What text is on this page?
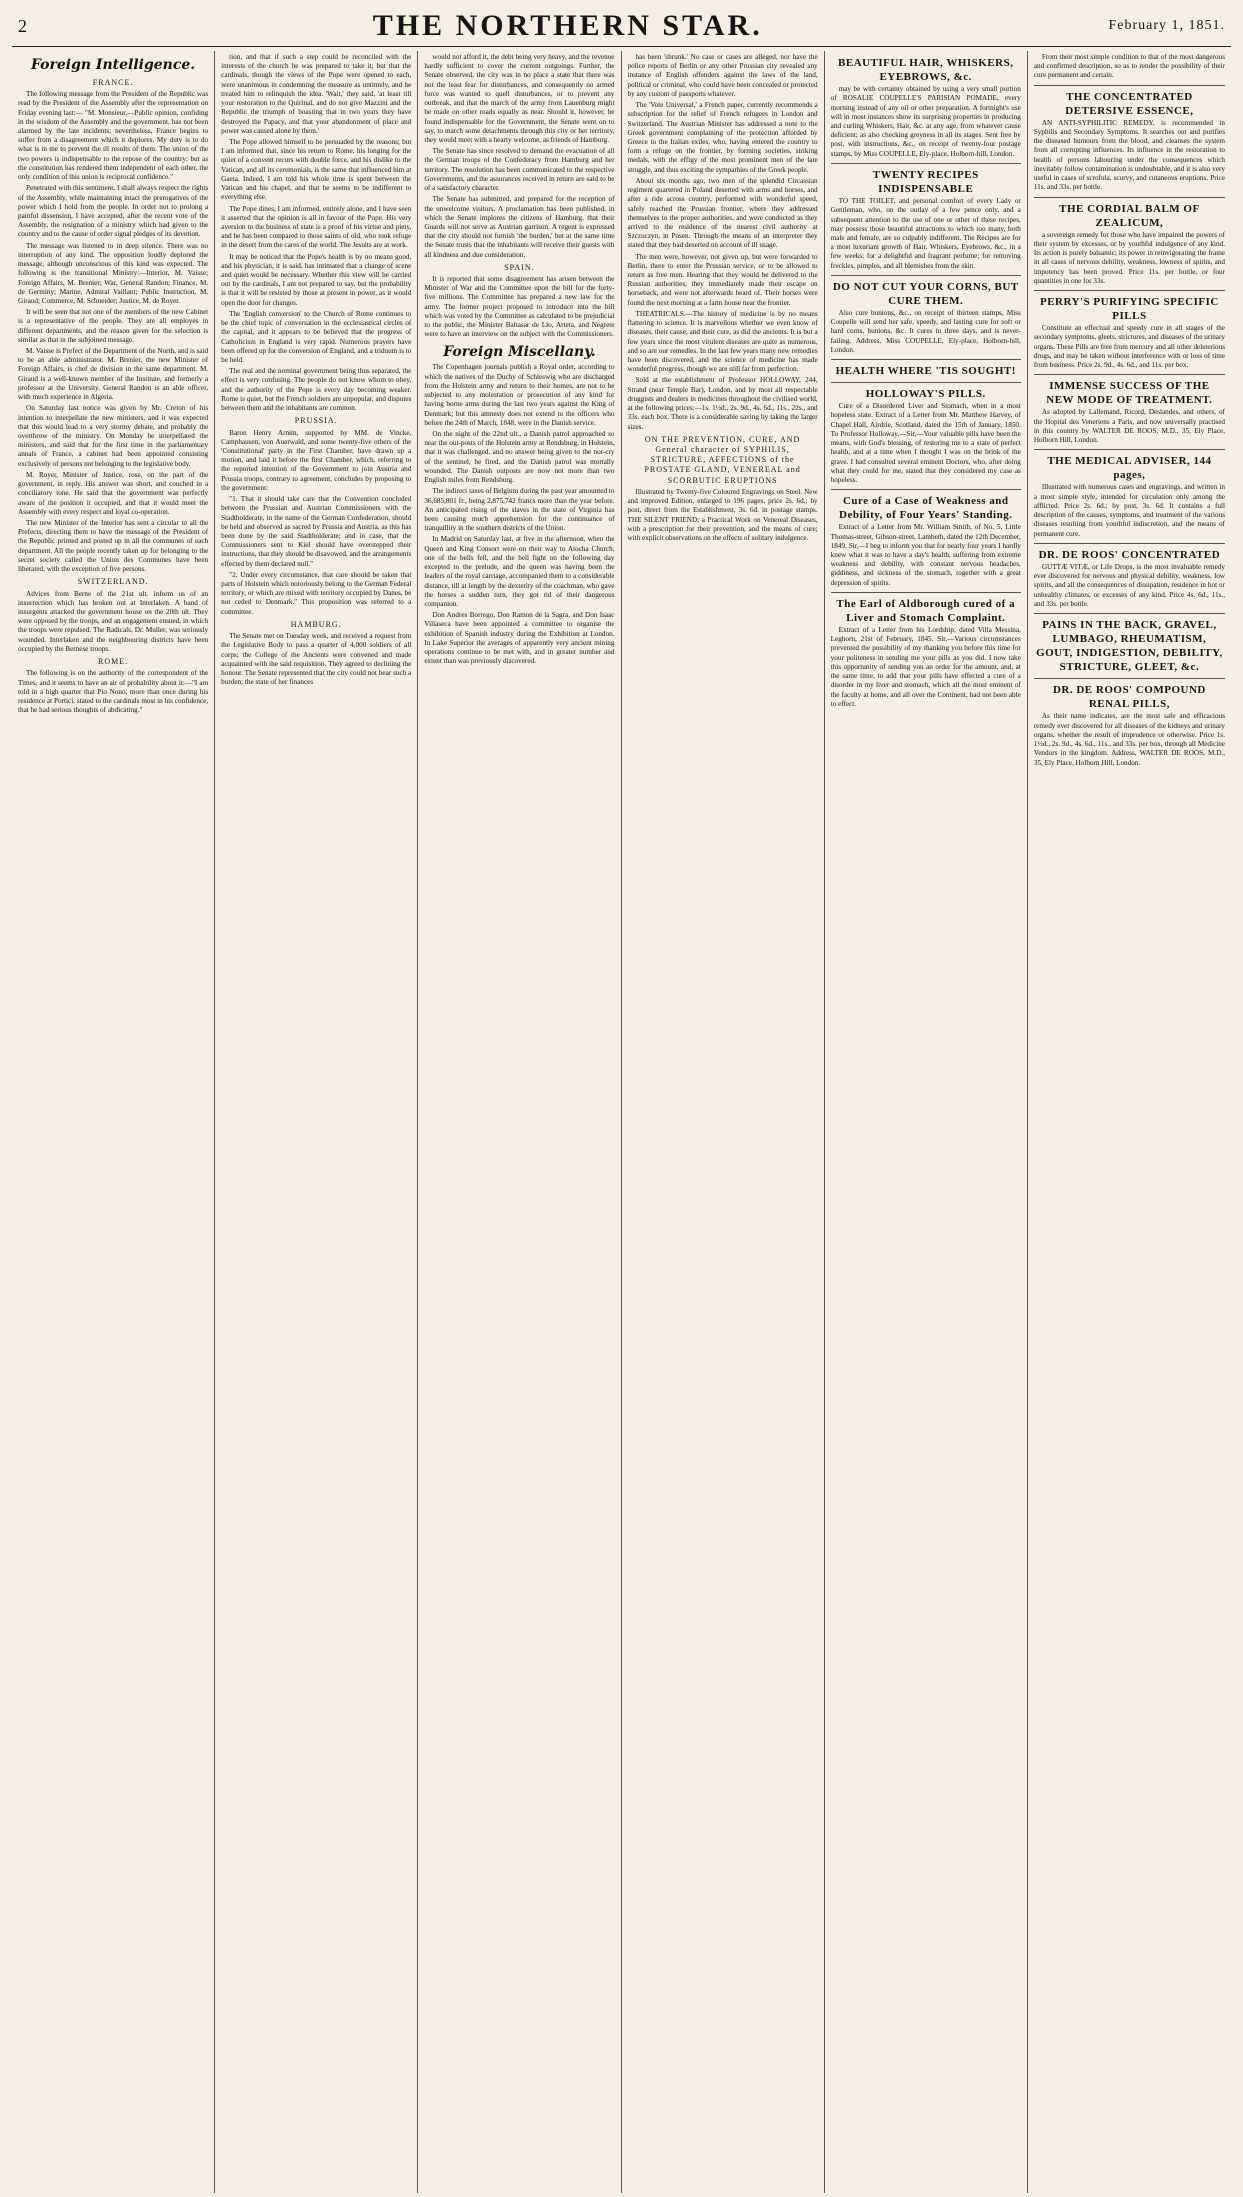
2	THE NORTHERN STAR.	February 1, 1851.
Foreign Intelligence.
FRANCE.

The following message from the President of the Republic was read by the President of the Assembly after the representation on Friday evening last:— "M. Monsieur,—Public opinion, confiding in the wisdom of the Assembly and the government, has not been alarmed by the late incidents; nevertheless, France begins to suffer from a disagreement which it deplores. My duty is to do what is in me to prevent the ill results of them. The union of the two powers is indispensable to the repose of the country; but as the constitution has rendered them independent of each other, the only condition of this union is reciprocal confidence."

Penetrated with this sentiment, I shall always respect the rights of the Assembly, while maintaining intact the prerogatives of the power which I hold from the people. In order not to prolong a painful dissension, I have accepted, after the recent vote of the Assembly, the resignation of a ministry which had given to the country and to the cause of order signal pledges of its devotion.

The message was listened to in deep silence. There was no interruption of any kind. The opposition loudly deplored the message, although unconscious of this kind was expected. The following is the transitional Ministry:—Interior, M. Vaisse; Foreign Affairs, M. Brenier; War, General Randon; Finance, M. de Germiny; Marine, Admiral Vaillant; Public Instruction, M. Giraud; Commerce, M. Schneider; Justice, M. de Royer.

It will be seen that not one of the members of the new Cabinet is a representative of the people. They are all employes in different departments, and the reason given for the selection is similar as that in the subjoined message.

M. Vaisse is Prefect of the Department of the North, and is said to be an able administrator. M. Brenier, the new Minister of Foreign Affairs, is chef de division in the same department. M. Giraud is a well-known member of the Institute, and formerly a professor at the University. General Randon is an able officer, with much experience in Algeria.

On Saturday last notice was given by Mr. Creton of his intention to interpellate the new ministers, and it was expected that this would lead to a very stormy debate, and probably the overthrow of the ministry. On Monday he interpellated the ministers, and said that for the first time in the parliamentary annals of France, a cabinet had been appointed consisting exclusively of persons not belonging to the legislative body.

M. Royer, Minister of Justice, rose, on the part of the government, in reply. His answer was short, and couched in a conciliatory tone. He said that the government was perfectly aware of the position it occupied, and that it would meet the Assembly with every respect and loyal co-operation.

The new Minister of the Interior has sent a circular to all the Prefects, directing them to have the message of the President of the Republic printed and posted up in all the communes of each department. All the people recently taken up for belonging to the secret society called the Union des Communes have been liberated, with the exception of five persons.

SWITZERLAND.

Advices from Berne of the 21st ult. inform us of an insurrection which has broken out at Interlaken. A band of insurgents attacked the government house on the 20th ult. They were opposed by the troops, and an engagement ensued, in which the troops were repulsed. The Radicals, Dr. Muller, was seriously wounded. Interlaken and the neighbouring districts have been occupied by the Bernese troops.

ROME.

The following is on the authority of the correspondent of the Times, and it seems to have an air of probability about it:—"I am told in a high quarter that Pio Nono, more than once during his residence at Portici, stated to the cardinals most in his confidence, that he had serious thoughts of abdicating."

tion, and that if such a step could be reconciled with the interests of the church he was prepared to take it; but that the cardinals, though the views of the Pope were opened to each, were unanimous in condemning the measure as untimely, and he treated him to relinquish the idea. 'Wait,' they said, 'at least till your restoration to the Quirinal, and do not give Mazzini and the Republic the triumph of boasting that in two years they have destroyed the Papacy, and that your abandonment of place and power was caused alone by them.'

The Pope allowed himself to be persuaded by the reasons; but I am informed that, since his return to Rome, his longing for the quiet of a convent recurs with double force, and his dislike to the Vatican, and all its ceremonials, is the same that influenced him at Gaeta. Indeed, I am told his whole time is spent between the Vatican and his chapel, and that he seems to be indifferent to everything else.

The Pope dines, I am informed, entirely alone, and I have seen it asserted that the opinion is all in favour of the Pope. His very aversion to the business of state is a proof of his virtue and piety, and he has been compared to those saints of old, who took refuge in the desert from the cares of the world. The Jesuits are at work.

It may be noticed that the Pope's health is by no means good, and his physician, it is said, has intimated that a change of scene and quiet would be necessary. Whether this view will be carried out by the cardinals, I am not prepared to say, but the probability is that it will be resisted by those at present in power, as it would open the door for changes.

The 'English conversion' to the Church of Rome continues to be the chief topic of conversation in the ecclesiastical circles of the capital, and it appears to be believed that the progress of Catholicism in England is very rapid. Numerous prayers have been offered up for the conversion of England, and a triduum is to be held.

The real and the nominal government being thus separated, the effect is very confusing. The people do not know whom to obey, and the authority of the Pope is every day becoming weaker. Rome is quiet, but the French soldiers are unpopular, and disputes between them and the inhabitants are common.

PRUSSIA.

Baron Henry Arnim, supported by MM. de Vincke, Camphausen, von Auerwald, and some twenty-five others of the 'Constitutional' party in the First Chamber, have drawn up a motion, and laid it before the first Chamber, which, referring to the reported intention of the Government to join Austria and Prussia troops, contrary to agreement, concludes by proposing to the government:

"1. That it should take care that the Convention concluded between the Prussian and Austrian Commissioners with the Stadtholderate, in the name of the German Confederation, should be held and observed as sacred by Prussia and Austria, as this has been done by the said Stadtholderate; and in case, that the Commissioners sent to Kiel should have overstepped their instructions, that they should be disavowed, and the arrangements effected by them declared null."

"2. Under every circumstance, that care should be taken that parts of Holstein which notoriously belong to the German Federal territory, or which are mixed with territory occupied by Danes, be not ceded to Denmark." This proposition was referred to a committee.

HAMBURG.

The Senate met on Tuesday week, and received a request from the Legislative Body to pass a quarter of 4,000 soldiers of all corps; the College of the Ancients were convened and made acquainted with the said requisition. They agreed to declining the honour. The Senate represented that the city could not bear such a burden; the state of her finances

would not afford it, the debt being very heavy, and the revenue hardly sufficient to cover the current outgoings. Further, the Senate observed, the city was in no place a state that there was not the least fear for disturbances, and consequently no armed force was wanted to quell disturbances, or to prevent any outbreak, and that the march of the army from Lauenburg might be made on other roads equally as near. Should it, however, be found indispensable for the Government, the Senate went on to say, to march some detachments through this city or her territory, they would meet with a hearty welcome, as friends of Hamburg.

The Senate has since resolved to demand the evacuation of all the German troops of the Confederacy from Hamburg and her territory. The resolution has been communicated to the respective Governments, and the assurances received in return are said to be of a satisfactory character.

The Senate has submitted, and prepared for the reception of the unwelcome visitors. A proclamation has been published, in which the Senate implores the citizens of Hamburg, that their Guards will not serve as Austrian garrison. A regent is expressed that the city should not furnish 'the burden,' but at the same time the Senate trusts that the inhabitants will receive their guests with all kindness and due consideration.

SPAIN.

It is reported that some disagreement has arisen between the Minister of War and the Committee upon the bill for the forty-five millions. The Committee has prepared a new law for the army. The former project proposed to introduce into the bill which was voted by the Committee as calculated to be prejudicial to the public, the Minister Baltasar de Llo, Arteta, and Negrete were to have an interview on the subject with the Commissioners.

Foreign Miscellany.

The Copenhagen journals publish a Royal order, according to which the natives of the Duchy of Schleswig who are discharged from the Holstein army and return to their homes, are not to be subjected to any molestation or prosecution of any kind for having borne arms during the last two years against the King of Denmark; but this amnesty does not extend to the officers who before the 24th of March, 1848, were in the Danish service.

On the night of the 22nd ult., a Danish patrol approached so near the out-posts of the Holstein army at Rendsburg, in Holstein, that it was challenged, and no answer being given to the nor-cry of the sentinel, he fired, and the Danish patrol was mortally wounded. The Danish outposts are now not more than two English miles from Rendsburg.

The indirect taxes of Belgium during the past year amounted to 36,685,801 fr., being 2,875,742 francs more than the year before. An anticipated rising of the slaves in the state of Virginia has been causing much apprehension for the continuance of tranquillity in the southern districts of the Union.

In Madrid on Saturday last, at five in the afternoon, when the Queen and King Consort were on their way to Atocha Church, one of the bells fell, and the bell fight on the following day excepted to the prelude, and the queen was having been the leaders of the royal carriage, accompanied them to a considerable distance, till at length by the dexterity of the coachman, who gave the horses a sudden turn, they got rid of their dangerous companion.

Don Andres Borrego, Don Ramon de la Sagra, and Don Isaac Villaseca have been appointed a committee to organise the exhibition of Spanish industry during the Exhibition at London. In Lake Superior the averages of apparently very ancient mining operations continue to be met with, and in greater number and extent than was previously discovered.

has been 'shrunk.' No case or cases are alleged, nor have the police reports of Berlin or any other Prussian city revealed any instance of English offenders against the laws of the land, political or criminal, who could have been concealed or protected by any custom of passports whatever.

The 'Vote Universal,' a French paper, currently recommends a subscription for the relief of French refugees in London and Switzerland. The Austrian Minister has addressed a note to the Greek government complaining of the protection afforded by Greece to the Italian exiles, who, having entered the country to form a refuge on the frontier, by forming societies, striking medals, with the effigy of the most prominent men of the late struggle, and thus exciting the sympathies of the Greek people.

About six months ago, two men of the splendid Circassian regiment quartered in Poland deserted with arms and horses, and after a ride across country, performed with wonderful speed, safely reached the Prussian frontier, where they addressed themselves to the proper authorities, and were conducted as they arrived to the residence of the nearest civil authority at Szczuczyn, in Posen. Through the means of an interpreter they stated that they had deserted on account of ill usage.

The men were, however, not given up, but were forwarded to Berlin, there to enter the Prussian service, or to be allowed to return as free men. Hearing that they would be delivered to the Russian authorities, they immediately made their escape on horseback, and were not afterwards heard of. Their horses were found the next morning at a farm house near the frontier.

THEATRICALS.—The history of medicine is by no means flattering to science. It is marvellous whether we even know of diseases, their cause, and their cure, as did the ancients. It is but a few years since the most virulent diseases are quite as numerous, and so are our remedies. In the last few years many new remedies have been discovered, and the science of medicine has made wonderful progress, though we are still far from perfection.

Sold at the establishment of Professor HOLLOWAY, 244, Strand (near Temple Bar), London, and by most all respectable druggists and dealers in medicines throughout the civilised world, at the following prices:—1s. 1½d., 2s. 9d., 4s. 6d., 11s., 22s., and 33s. each box. There is a considerable saving by taking the larger sizes.

ON THE PREVENTION, CURE, AND General character of SYPHILIS, STRICTURE, AFFECTIONS of the PROSTATE GLAND, VENEREAL and SCORBUTIC ERUPTIONS

Illustrated by Twenty-five Coloured Engravings on Steel. New and improved Edition, enlarged to 196 pages, price 2s. 6d.; by post, direct from the Establishment, 3s. 6d. in postage stamps. THE SILENT FRIEND; a Practical Work on Venereal Diseases, with a prescription for their prevention, and the means of cure; with explicit observations on the effects of solitary indulgence.

BEAUTIFUL HAIR, WHISKERS, EYEBROWS, &c.

may be with certainty obtained by using a very small portion of ROSALIE COUPELLE'S PARISIAN POMADE, every morning instead of any oil or other preparation. A fortnight's use will in most instances show its surprising properties in producing and curling Whiskers, Hair, &c. at any age, from whatever cause deficient; as also checking greyness in all its stages. Sent free by post, with instructions, &c., on receipt of twenty-four postage stamps, by Miss COUPELLE, Ely-place, Holborn-hill, London.

TWENTY RECIPES INDISPENSABLE

TO THE TOILET, and personal comfort of every Lady or Gentleman, who, on the outlay of a few pence only, and a subsequent attention to the use of one or other of these recipes, may possess those beautiful attractions to which too many, both male and female, are so culpably indifferent. The Recipes are for a most luxuriant growth of Hair, Whiskers, Eyebrows, &c., in a few weeks; for a delightful and fragrant perfume; for removing freckles, pimples, and all blemishes from the skin.

DO NOT CUT YOUR CORNS, BUT CURE THEM.

Also cure bunions, &c., on receipt of thirteen stamps, Miss Coupelle will send her safe, speedy, and lasting cure for soft or hard corns, bunions, &c. It cures in three days, and is never-failing. Address, Miss COUPELLE, Ely-place, Holborn-hill, London.

HEALTH WHERE 'TIS SOUGHT!
HOLLOWAY'S PILLS.

Cure of a Disordered Liver and Stomach, when in a most hopeless state. Extract of a Letter from Mr. Matthew Harvey, of Chapel Hall, Airdrie, Scotland, dated the 15th of January, 1850. To Professor Holloway,—Sir,—Your valuable pills have been the means, with God's blessing, of restoring me to a state of perfect health, and at a time when I thought I was on the brink of the grave. I had consulted several eminent Doctors, who, after doing what they could for me, stated that they considered my case as hopeless.

Cure of a Case of Weakness and Debility, of Four Years' Standing.

Extract of a Letter from Mr. William Smith, of No. 5, Little Thomas-street, Gibson-street, Lambeth, dated the 12th December, 1849. Sir,—I beg to inform you that for nearly four years I hardly knew what it was to have a day's health, suffering from extreme weakness and debility, with constant nervous headaches, giddiness, and sickness of the stomach, together with a great depression of spirits.

The Earl of Aldborough cured of a Liver and Stomach Complaint.

Extract of a Letter from his Lordship, dated Villa Messina, Leghorn, 21st of February, 1845. Sir,—Various circumstances prevented the possibility of my thanking you before this time for your politeness in sending me your pills as you did. I now take this opportunity of sending you an order for the amount, and, at the same time, to add that your pills have effected a cure of a disorder in my liver and stomach, which all the most eminent of the faculty at home, and all over the Continent, had not been able to effect.

From their most simple condition to that of the most dangerous and confirmed description, so as to render the possibility of their cure permanent and certain.

THE CONCENTRATED DETERSIVE ESSENCE,

AN ANTI-SYPHILITIC REMEDY, is recommended in Syphilis and Secondary Symptoms. It searches out and purifies the diseased humours from the blood, and cleanses the system from all corrupting influences. Its influence in the restoration to health of persons labouring under the consequences which inevitably follow contamination is undoubtable, and it is also very useful in cases of scrofula, scurvy, and cutaneous eruptions. Price 11s. and 33s. per bottle.

THE CORDIAL BALM OF ZEALICUM,

a sovereign remedy for those who have impaired the powers of their system by excesses, or by youthful indulgence of any kind. Its action is purely balsamic; its power in reinvigorating the frame in all cases of nervous debility, weakness, lowness of spirits, and impotency has been proved. Price 11s. per bottle, or four quantities in one for 33s.

PERRY'S PURIFYING SPECIFIC PILLS

Constitute an effectual and speedy cure in all stages of the secondary symptoms, gleets, strictures, and diseases of the urinary organs. These Pills are free from mercury and all other deleterious drugs, and may be taken without interference with or loss of time from business. Price 2s. 9d., 4s. 6d., and 11s. per box.

IMMENSE SUCCESS OF THE NEW MODE OF TREATMENT.

As adopted by Lallemand, Ricord, Deslandes, and others, of the Hopital des Veneriens a Paris, and now universally practised in this country by WALTER DE ROOS, M.D., 35, Ely Place, Holborn Hill, London.

THE MEDICAL ADVISER, 144 pages,

Illustrated with numerous cases and engravings, and written in a most simple style, intended for circulation only among the afflicted. Price 2s. 6d.; by post, 3s. 6d. It contains a full description of the causes, symptoms, and treatment of the various diseases resulting from youthful indiscretion, and the means of permanent cure.

DR. DE ROOS' CONCENTRATED

GUTTÆ VITÆ, or Life Drops, is the most invaluable remedy ever discovered for nervous and physical debility, weakness, low spirits, and all the consequences of dissipation, residence in hot or unhealthy climates, or excesses of any kind. Price 4s. 6d., 11s., and 33s. per bottle.

PAINS IN THE BACK, GRAVEL, LUMBAGO, RHEUMATISM, GOUT, INDIGESTION, DEBILITY, STRICTURE, GLEET, &c.
DR. DE ROOS' COMPOUND RENAL PILLS,

As their name indicates, are the most safe and efficacious remedy ever discovered for all diseases of the kidneys and urinary organs, whether the result of imprudence or otherwise. Price 1s. 1½d., 2s. 9d., 4s. 6d., 11s., and 33s. per box, through all Medicine Vendors in the kingdom. Address, WALTER DE ROOS, M.D., 35, Ely Place, Holborn Hill, London.
